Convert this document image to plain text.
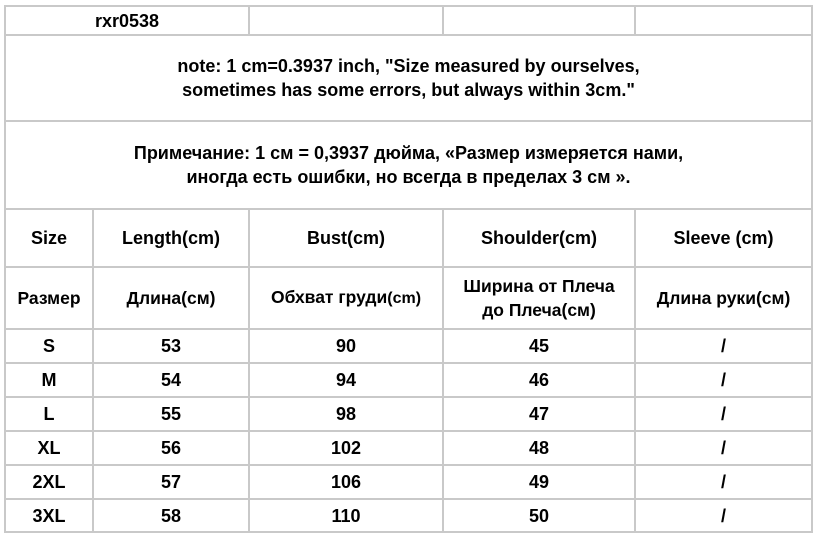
rxr0538				

note: 1 cm=0.3937 inch, "Size measured by ourselves,
sometimes has some errors, but always within 3cm."				

Примечание: 1 см = 0,3937 дюйма, «Размер измеряется нами,
иногда есть ошибки, но всегда в пределах 3 см ».				

Size	Length(cm)	Bust(cm)	Shoulder(cm)	Sleeve (cm)
Размер	Длина(см)	Обхват груди(cm)	Ширина от Плеча
до Плеча(см)	Длина руки(см)
S	53	90	45	/
M	54	94	46	/
L	55	98	47	/
XL	56	102	48	/
2XL	57	106	49	/
3XL	58	110	50	/
